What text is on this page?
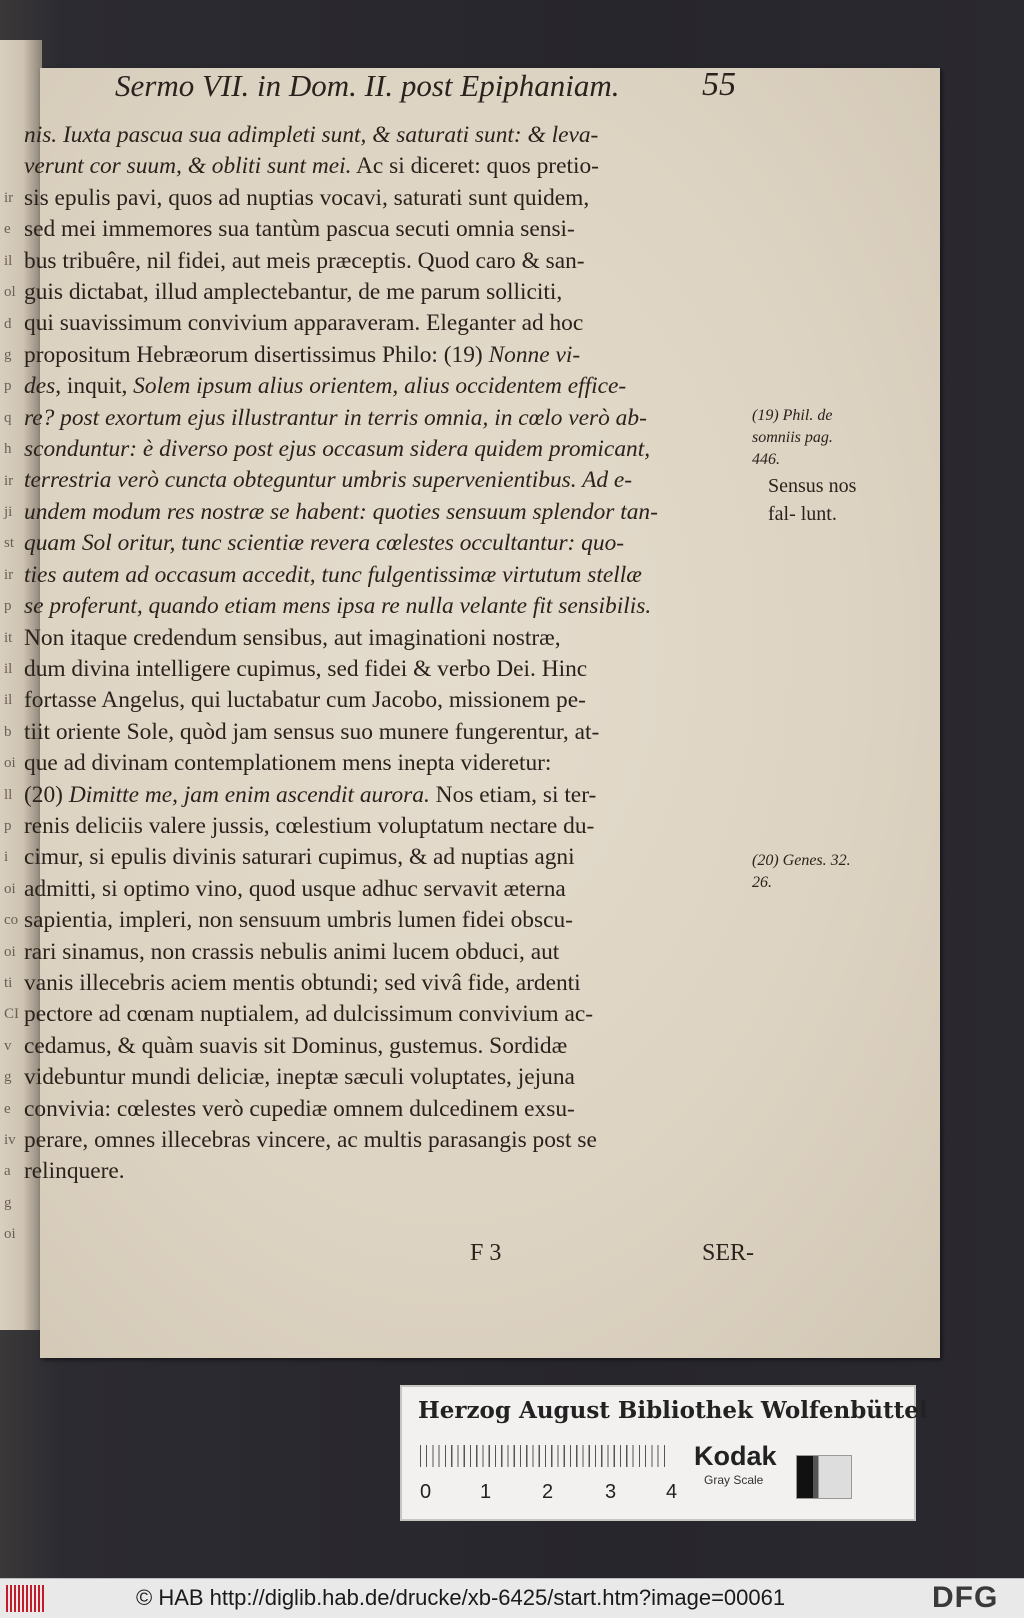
ir
e
il
ol
d
g
p
q
h
ir
ji
st
ir
p
it
il
il
b
oi
ll
p
i
oi
co
oi
ti
CI
v
g
e
iv
a
g
oi
Sermo VII. in Dom. II. post Epiphaniam.	55
nis. Iuxta pascua sua adimpleti sunt, & saturati sunt: & leva-
verunt cor suum, & obliti sunt mei. Ac si diceret: quos pretio-
sis epulis pavi, quos ad nuptias vocavi, saturati sunt quidem,
sed mei immemores sua tantùm pascua secuti omnia sensi-
bus tribuêre, nil fidei, aut meis præceptis. Quod caro & san-
guis dictabat, illud amplectebantur, de me parum solliciti,
qui suavissimum convivium apparaveram. Eleganter ad hoc
propositum Hebræorum disertissimus Philo: (19) Nonne vi-
des, inquit, Solem ipsum alius orientem, alius occidentem effice-
re? post exortum ejus illustrantur in terris omnia, in cœlo verò ab-
sconduntur: è diverso post ejus occasum sidera quidem promicant,
terrestria verò cuncta obteguntur umbris supervenientibus. Ad e-
undem modum res nostræ se habent: quoties sensuum splendor tan-
quam Sol oritur, tunc scientiæ revera cœlestes occultantur: quo-
ties autem ad occasum accedit, tunc fulgentissimæ virtutum stellæ
se proferunt, quando etiam mens ipsa re nulla velante fit sensibilis.
Non itaque credendum sensibus, aut imaginationi nostræ,
dum divina intelligere cupimus, sed fidei & verbo Dei. Hinc
fortasse Angelus, qui luctabatur cum Jacobo, missionem pe-
tiit oriente Sole, quòd jam sensus suo munere fungerentur, at-
que ad divinam contemplationem mens inepta videretur:
(20) Dimitte me, jam enim ascendit aurora. Nos etiam, si ter-
renis deliciis valere jussis, cœlestium voluptatum nectare du-
cimur, si epulis divinis saturari cupimus, & ad nuptias agni
admitti, si optimo vino, quod usque adhuc servavit æterna
sapientia, impleri, non sensuum umbris lumen fidei obscu-
rari sinamus, non crassis nebulis animi lucem obduci, aut
vanis illecebris aciem mentis obtundi; sed vivâ fide, ardenti
pectore ad cœnam nuptialem, ad dulcissimum convivium ac-
cedamus, & quàm suavis sit Dominus, gustemus. Sordidæ
videbuntur mundi deliciæ, ineptæ sæculi voluptates, jejuna
convivia: cœlestes verò cupediæ omnem dulcedinem exsu-
perare, omnes illecebras vincere, ac multis parasangis post se
relinquere.
(19) Phil. de somniis pag. 446.
Sensus nos fal- lunt.
(20) Genes. 32. 26.
F 3	SER-
Herzog August Bibliothek Wolfenbüttel
0 1	2	3 4
Kodak
Gray Scale
© HAB http://diglib.hab.de/drucke/xb-6425/start.htm?image=00061	DFG
